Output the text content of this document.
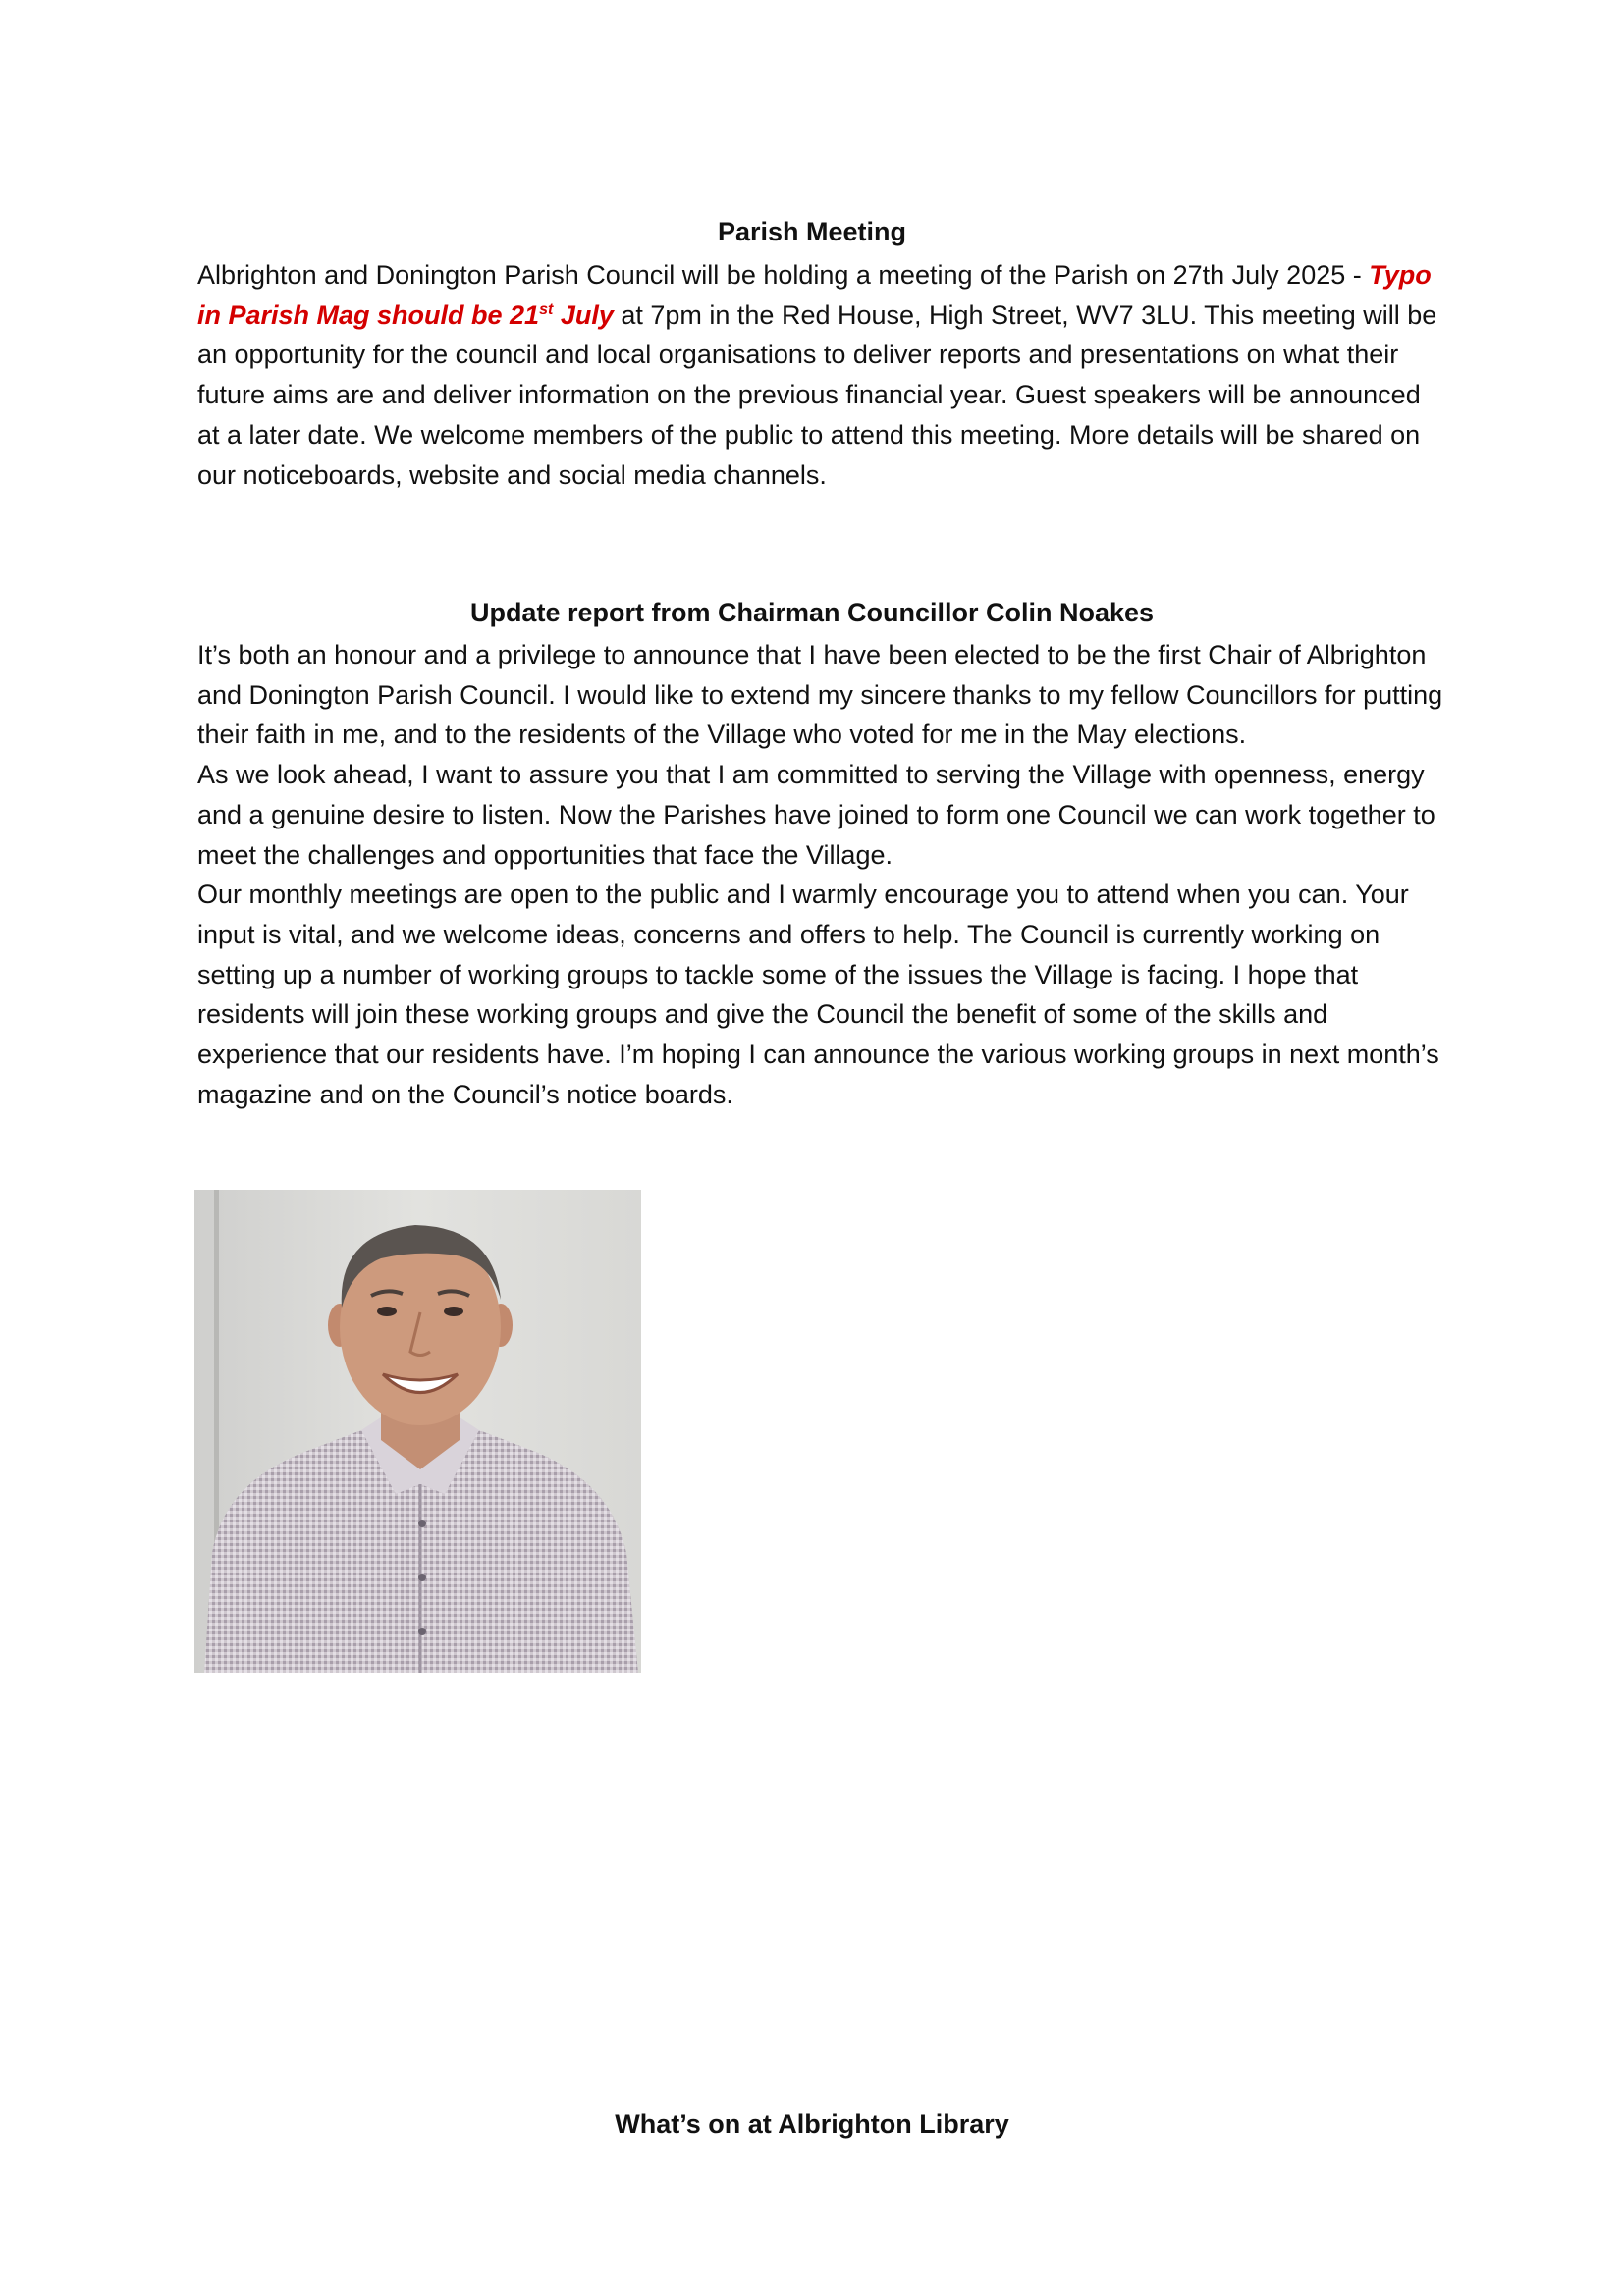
Parish Meeting

Albrighton and Donington Parish Council will be holding a meeting of the Parish on 27th July 2025 - Typo in Parish Mag should be 21st July at 7pm in the Red House, High Street, WV7 3LU. This meeting will be an opportunity for the council and local organisations to deliver reports and presentations on what their future aims are and deliver information on the previous financial year. Guest speakers will be announced at a later date. We welcome members of the public to attend this meeting. More details will be shared on our noticeboards, website and social media channels.

Update report from Chairman Councillor Colin Noakes

It’s both an honour and a privilege to announce that I have been elected to be the first Chair of Albrighton and Donington Parish Council. I would like to extend my sincere thanks to my fellow Councillors for putting their faith in me, and to the residents of the Village who voted for me in the May elections.

As we look ahead, I want to assure you that I am committed to serving the Village with openness, energy and a genuine desire to listen. Now the Parishes have joined to form one Council we can work together to meet the challenges and opportunities that face the Village.

Our monthly meetings are open to the public and I warmly encourage you to attend when you can. Your input is vital, and we welcome ideas, concerns and offers to help. The Council is currently working on setting up a number of working groups to tackle some of the issues the Village is facing. I hope that residents will join these working groups and give the Council the benefit of some of the skills and experience that our residents have. I’m hoping I can announce the various working groups in next month’s magazine and on the Council’s notice boards.

What’s on at Albrighton Library
